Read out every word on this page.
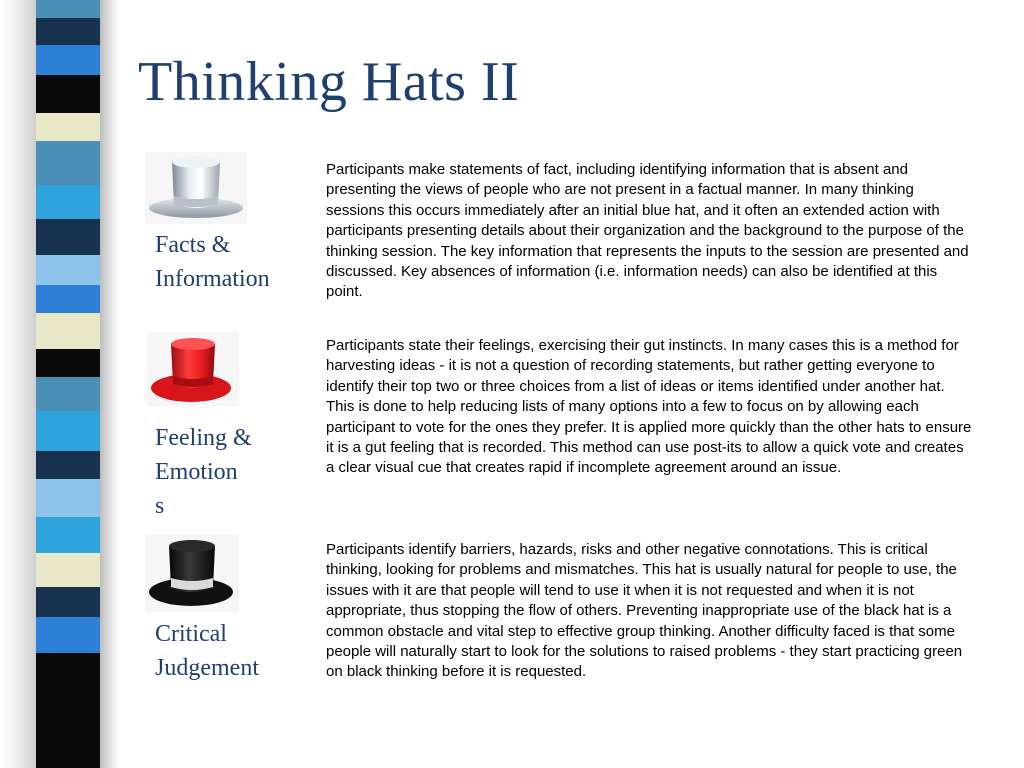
Thinking Hats II

Facts &
Information

Participants make statements of fact, including identifying information that is absent and presenting the views of people who are not present in a factual manner. In many thinking sessions this occurs immediately after an initial blue hat, and it often an extended action with participants presenting details about their organization and the background to the purpose of the thinking session. The key information that represents the inputs to the session are presented and discussed. Key absences of information (i.e. information needs) can also be identified at this point.

Feeling &
Emotion
s

Participants state their feelings, exercising their gut instincts. In many cases this is a method for harvesting ideas - it is not a question of recording statements, but rather getting everyone to identify their top two or three choices from a list of ideas or items identified under another hat. This is done to help reducing lists of many options into a few to focus on by allowing each participant to vote for the ones they prefer. It is applied more quickly than the other hats to ensure it is a gut feeling that is recorded. This method can use post-its to allow a quick vote and creates a clear visual cue that creates rapid if incomplete agreement around an issue.

Critical
Judgement

Participants identify barriers, hazards, risks and other negative connotations. This is critical thinking, looking for problems and mismatches. This hat is usually natural for people to use, the issues with it are that people will tend to use it when it is not requested and when it is not appropriate, thus stopping the flow of others. Preventing inappropriate use of the black hat is a common obstacle and vital step to effective group thinking. Another difficulty faced is that some people will naturally start to look for the solutions to raised problems - they start practicing green on black thinking before it is requested.
